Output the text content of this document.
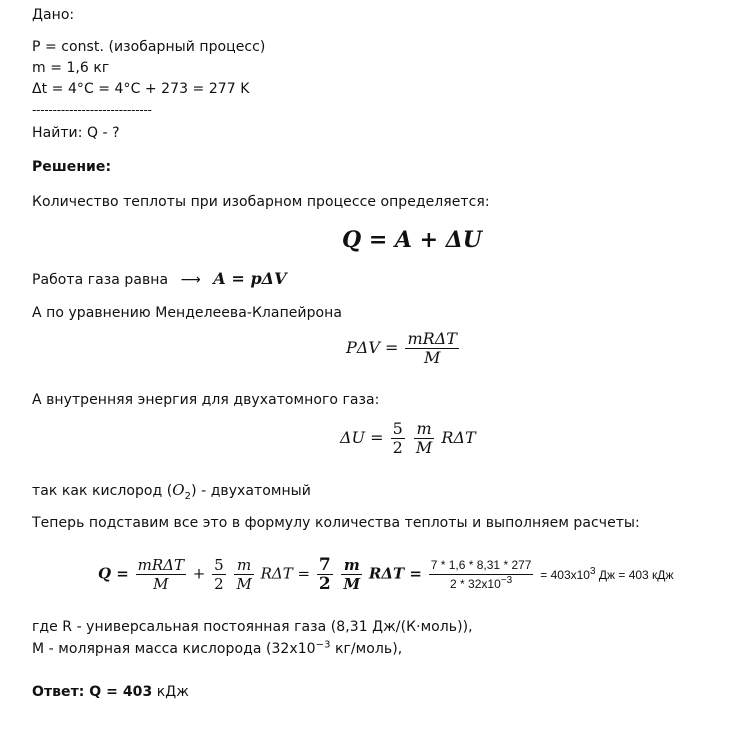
Дано:
P = const. (изобарный процесс)
m = 1,6 кг
Δt = 4°C = 4°C + 273 = 277 K
-----------------------------
Найти: Q - ?
Решение:
Количество теплоты при изобарном процессе определяется:
Q = A + ΔU
Работа газа равна ⟶ A = pΔV
А по уравнению Менделеева-Клапейрона
$P\Delta V = \frac{\text{mRΔT}}{M}$
А внутренняя энергия для двухатомного газа:
$\Delta U = \frac{5}{2}$
$\frac{m}{M}$ RΔT
так как кислород $(O_2)$ - двухатомный
Теперь подставим все это в формулу количества теплоты и выполняем расчеты:
$Q = \frac{\text{mRΔT}}{M} + \frac{5}{2}$
$\frac{m}{M}$ $R\Delta T = \frac{7}{2}$
$\frac{m}{M}$ $R\Delta T = \frac{7 * 1,6 * 8,31 * 277}{2 * 32x10^{-3}} = 403x10^3$ Дж = 403 кДж
где R - универсальная постоянная газа (8,31 Дж/(К·моль)),
M - молярная масса кислорода ($32x10^{-3}$ кг/моль),
Ответ: Q = 403 кДж
